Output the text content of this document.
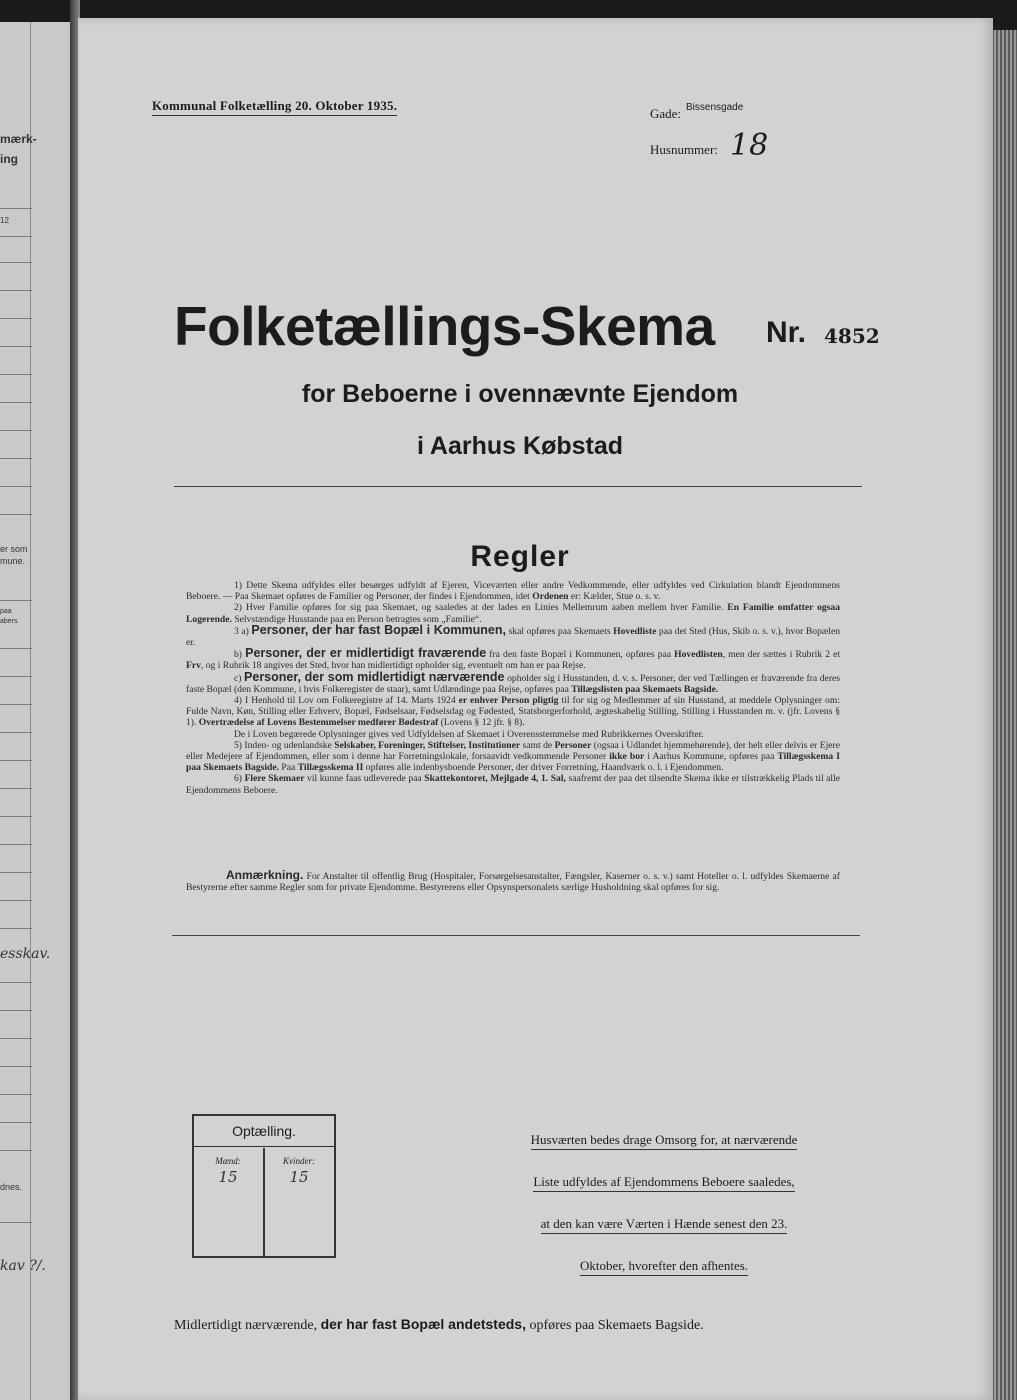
mærk-
ing
12
er som
mune.
paa
abers
dnes.
esskav.
kav ?/.
Kommunal Folketælling 20. Oktober 1935.
Gade: Bissensgade
Husnummer: 18
Folketællings-Skema Nr. 4852
for Beboerne i ovennævnte Ejendom
i Aarhus Købstad
Regler

1) Dette Skema udfyldes eller besørges udfyldt af Ejeren, Viceværten eller andre Vedkommende, eller udfyldes ved Cirkulation blandt Ejendommens Beboere. — Paa Skemaet opføres de Familier og Personer, der findes i Ejendommen, idet Ordenen er: Kælder, Stue o. s. v.

2) Hver Familie opføres for sig paa Skemaet, og saaledes at der lades en Linies Mellemrum aaben mellem hver Familie. En Familie omfatter ogsaa Logerende. Selvstændige Husstande paa en Person betragtes som „Familie“.

3 a) Personer, der har fast Bopæl i Kommunen, skal opføres paa Skemaets Hovedliste paa det Sted (Hus, Skib o. s. v.), hvor Bopælen er.

b) Personer, der er midlertidigt fraværende fra den faste Bopæl i Kommunen, opføres paa Hovedlisten, men der sættes i Rubrik 2 et Frv, og i Rubrik 18 angives det Sted, hvor han midlertidigt opholder sig, eventuelt om han er paa Rejse.

c) Personer, der som midlertidigt nærværende opholder sig i Husstanden, d. v. s. Personer, der ved Tællingen er fraværende fra deres faste Bopæl (den Kommune, i hvis Folkeregister de staar), samt Udlændinge paa Rejse, opføres paa Tillægslisten paa Skemaets Bagside.

4) I Henhold til Lov om Folkeregistre af 14. Marts 1924 er enhver Person pligtig til for sig og Medlemmer af sin Husstand, at meddele Oplysninger om: Fulde Navn, Køn, Stilling eller Erhverv, Bopæl, Fødselsaar, Fødselsdag og Fødested, Statsborgerforhold, ægteskabelig Stilling, Stilling i Husstanden m. v. (jfr. Lovens § 1). Overtrædelse af Lovens Bestemmelser medfører Bødestraf (Lovens § 12 jfr. § 8).

De i Loven begærede Oplysninger gives ved Udfyldelsen af Skemaet i Overensstemmelse med Rubrikkernes Overskrifter.

5) Inden- og udenlandske Selskaber, Foreninger, Stiftelser, Institutioner samt de Personer (ogsaa i Udlandet hjemmehørende), der helt eller delvis er Ejere eller Medejere af Ejendommen, eller som i denne har Forretningslokale, forsaavidt vedkommende Personer ikke bor i Aarhus Kommune, opføres paa Tillægsskema I paa Skemaets Bagside. Paa Tillægsskema II opføres alle indenbysboende Personer, der driver Forretning, Haandværk o. l. i Ejendommen.

6) Flere Skemaer vil kunne faas udleverede paa Skattekontoret, Mejlgade 4, 1. Sal, saafremt der paa det tilsendte Skema ikke er tilstrækkelig Plads til alle Ejendommens Beboere.

Anmærkning. For Anstalter til offentlig Brug (Hospitaler, Forsørgelsesanstalter, Fængsler, Kaserner o. s. v.) samt Hoteller o. l. udfyldes Skemaerne af Bestyrerne efter samme Regler som for private Ejendomme. Bestyrerens eller Opsynspersonalets særlige Husholdning skal opføres for sig.

Optælling.
Mænd:	Kvinder:
15	15
Husværten bedes drage Omsorg for, at nærværende
Liste udfyldes af Ejendommens Beboere saaledes,
at den kan være Værten i Hænde senest den 23.
Oktober, hvorefter den afhentes.
Midlertidigt nærværende, der har fast Bopæl andetsteds, opføres paa Skemaets Bagside.
